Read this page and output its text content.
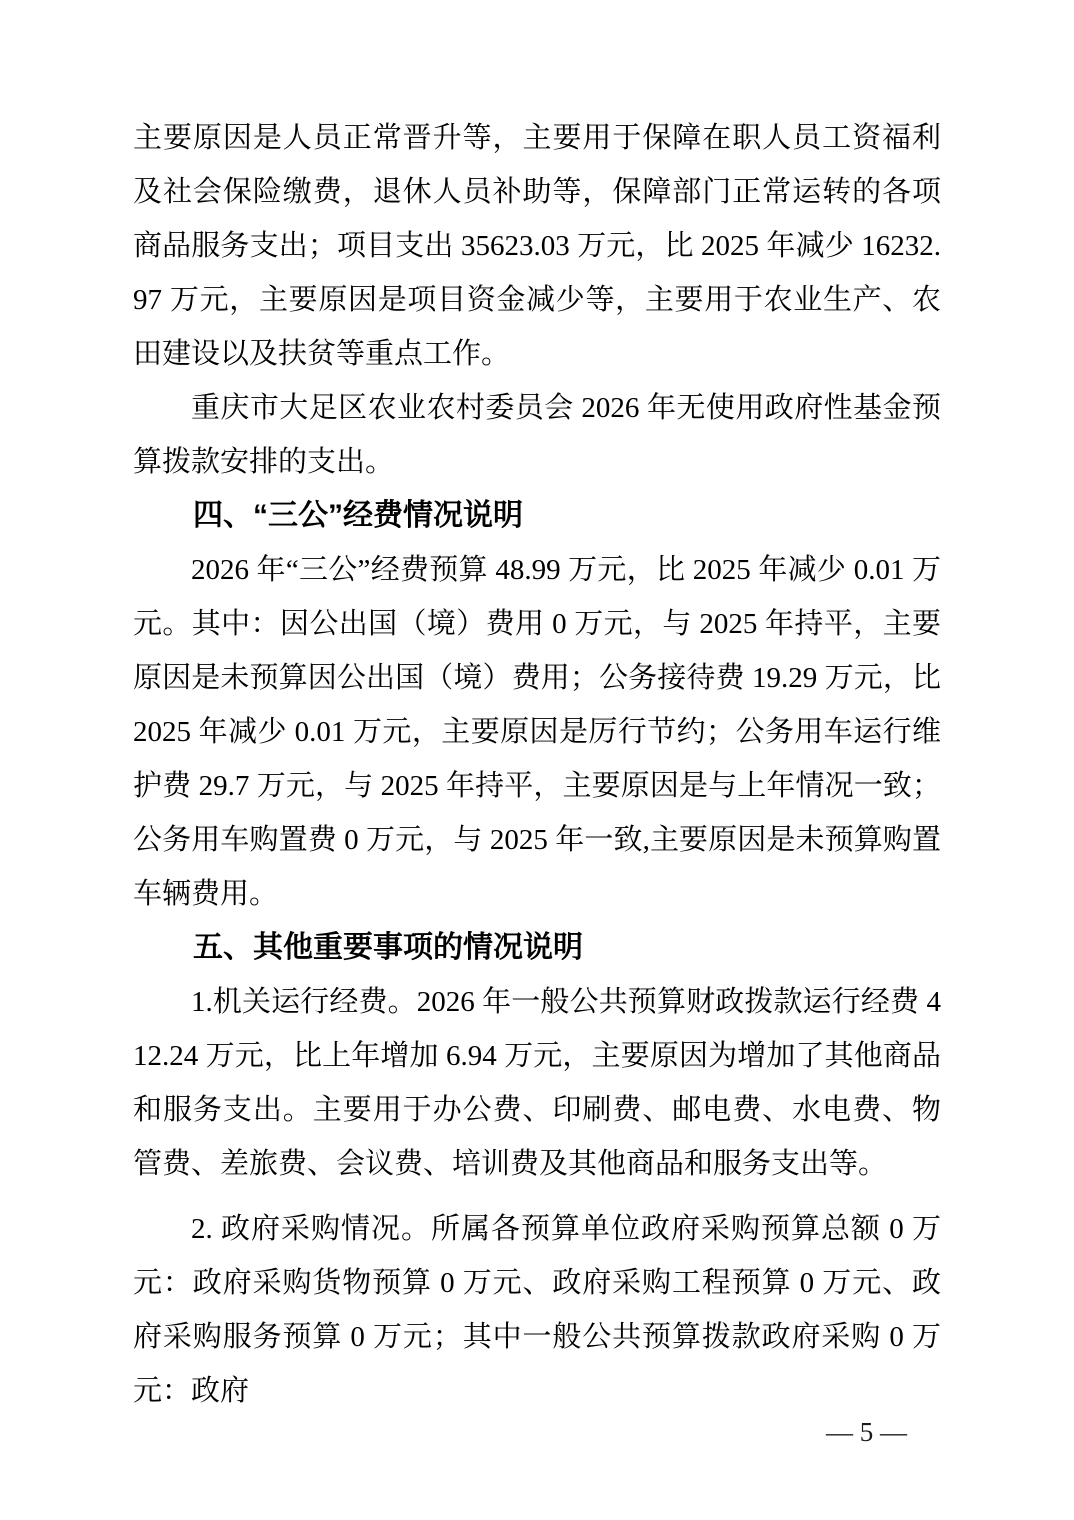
主要原因是人员正常晋升等，主要用于保障在职人员工资福利及社会保险缴费，退休人员补助等，保障部门正常运转的各项商品服务支出；项目支出 35623.03 万元，比 2025 年减少 16232.97 万元，主要原因是项目资金减少等，主要用于农业生产、农田建设以及扶贫等重点工作。

重庆市大足区农业农村委员会 2026 年无使用政府性基金预算拨款安排的支出。

四、“三公”经费情况说明

2026 年“三公”经费预算 48.99 万元，比 2025 年减少 0.01 万元。其中：因公出国（境）费用 0 万元，与 2025 年持平，主要原因是未预算因公出国（境）费用；公务接待费 19.29 万元，比 2025 年减少 0.01 万元，主要原因是厉行节约；公务用车运行维护费 29.7 万元，与 2025 年持平，主要原因是与上年情况一致；公务用车购置费 0 万元，与 2025 年一致,主要原因是未预算购置车辆费用。

五、其他重要事项的情况说明

1.机关运行经费。2026 年一般公共预算财政拨款运行经费 412.24 万元，比上年增加 6.94 万元，主要原因为增加了其他商品和服务支出。主要用于办公费、印刷费、邮电费、水电费、物管费、差旅费、会议费、培训费及其他商品和服务支出等。

2. 政府采购情况。所属各预算单位政府采购预算总额 0 万元：政府采购货物预算 0 万元、政府采购工程预算 0 万元、政府采购服务预算 0 万元；其中一般公共预算拨款政府采购 0 万元：政府

— 5 —
